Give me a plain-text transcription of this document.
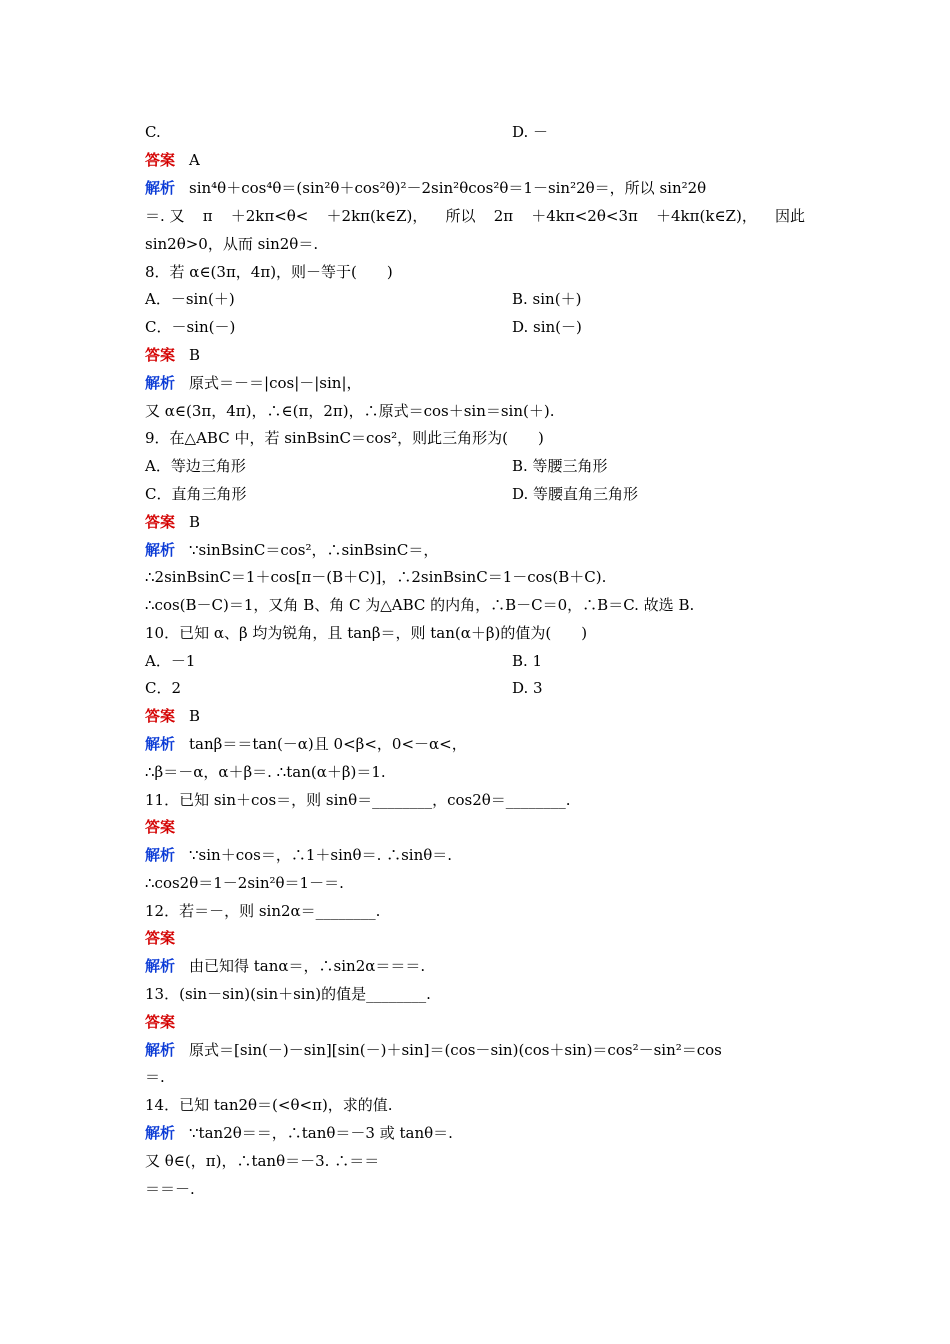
C.	D. －
答案 A
解析 sin⁴θ＋cos⁴θ＝(sin²θ＋cos²θ)²－2sin²θcos²θ＝1－sin²2θ＝，所以 sin²2θ
＝. 又 π ＋2kπ<θ< ＋2kπ(k∈Z)， 所以 2π ＋4kπ<2θ<3π ＋4kπ(k∈Z)， 因此
sin2θ>0，从而 sin2θ＝.
8．若 α∈(3π，4π)，则－等于(　　)
A．－sin(＋)	B. sin(＋)
C．－sin(－)	D. sin(－)
答案 B
解析 原式＝－＝|cos|－|sin|，
又 α∈(3π，4π)，∴∈(π，2π)，∴原式＝cos＋sin＝sin(＋).
9．在△ABC 中，若 sinBsinC＝cos²，则此三角形为(　　)
A．等边三角形	B. 等腰三角形
C．直角三角形	D. 等腰直角三角形
答案 B
解析 ∵sinBsinC＝cos²，∴sinBsinC＝，
∴2sinBsinC＝1＋cos[π－(B＋C)]，∴2sinBsinC＝1－cos(B＋C).
∴cos(B－C)＝1，又角 B、角 C 为△ABC 的内角，∴B－C＝0，∴B＝C. 故选 B.
10．已知 α、β 均为锐角，且 tanβ＝，则 tan(α＋β)的值为(　　)
A．－1	B. 1
C．2	D. 3
答案 B
解析 tanβ＝＝tan(－α)且 0<β<，0<－α<，
∴β＝－α，α＋β＝. ∴tan(α＋β)＝1.
11．已知 sin＋cos＝，则 sinθ＝________，cos2θ＝________.
答案
解析 ∵sin＋cos＝，∴1＋sinθ＝. ∴sinθ＝.
∴cos2θ＝1－2sin²θ＝1－＝.
12．若＝－，则 sin2α＝________.
答案
解析 由已知得 tanα＝，∴sin2α＝＝＝.
13．(sin－sin)(sin＋sin)的值是________.
答案
解析 原式＝[sin(－)－sin][sin(－)＋sin]＝(cos－sin)(cos＋sin)＝cos²－sin²＝cos
＝.
14．已知 tan2θ＝(<θ<π)，求的值.
解析 ∵tan2θ＝＝，∴tanθ＝－3 或 tanθ＝.
又 θ∈(，π)，∴tanθ＝－3. ∴＝＝
＝＝－.
